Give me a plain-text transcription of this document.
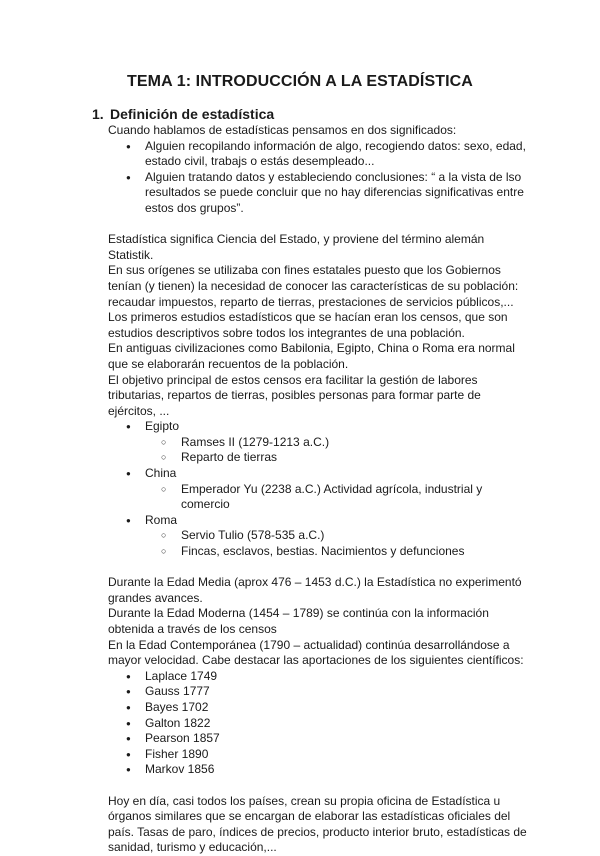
TEMA 1: INTRODUCCIÓN A LA ESTADÍSTICA
1. Definición de estadística

Cuando hablamos de estadísticas pensamos en dos significados:

● Alguien recopilando información de algo, recogiendo datos: sexo, edad, estado civil, trabajs o estás desempleado...
● Alguien tratando datos y estableciendo conclusiones: “ a la vista de lso resultados se puede concluir que no hay diferencias significativas entre estos dos grupos”.

Estadística significa Ciencia del Estado, y proviene del término alemán Statistik.

En sus orígenes se utilizaba con fines estatales puesto que los Gobiernos tenían (y tienen) la necesidad de conocer las características de su población: recaudar impuestos, reparto de tierras, prestaciones de servicios públicos,...

Los primeros estudios estadísticos que se hacían eran los censos, que son estudios descriptivos sobre todos los integrantes de una población.

En antiguas civilizaciones como Babilonia, Egipto, China o Roma era normal que se elaborarán recuentos de la población.

El objetivo principal de estos censos era facilitar la gestión de labores tributarias, repartos de tierras, posibles personas para formar parte de ejércitos, ...

● Egipto
○ Ramses II (1279-1213 a.C.)
○ Reparto de tierras
● China
○ Emperador Yu (2238 a.C.) Actividad agrícola, industrial y comercio
● Roma
○ Servio Tulio (578-535 a.C.)
○ Fincas, esclavos, bestias. Nacimientos y defunciones

Durante la Edad Media (aprox 476 – 1453 d.C.) la Estadística no experimentó grandes avances.

Durante la Edad Moderna (1454 – 1789) se continúa con la información obtenida a través de los censos

En la Edad Contemporánea (1790 – actualidad) continúa desarrollándose a mayor velocidad. Cabe destacar las aportaciones de los siguientes científicos:

● Laplace 1749
● Gauss 1777
● Bayes 1702
● Galton 1822
● Pearson 1857
● Fisher 1890
● Markov 1856

Hoy en día, casi todos los países, crean su propia oficina de Estadística u órganos similares que se encargan de elaborar las estadísticas oficiales del país. Tasas de paro, índices de precios, producto interior bruto, estadísticas de sanidad, turismo y educación,...
